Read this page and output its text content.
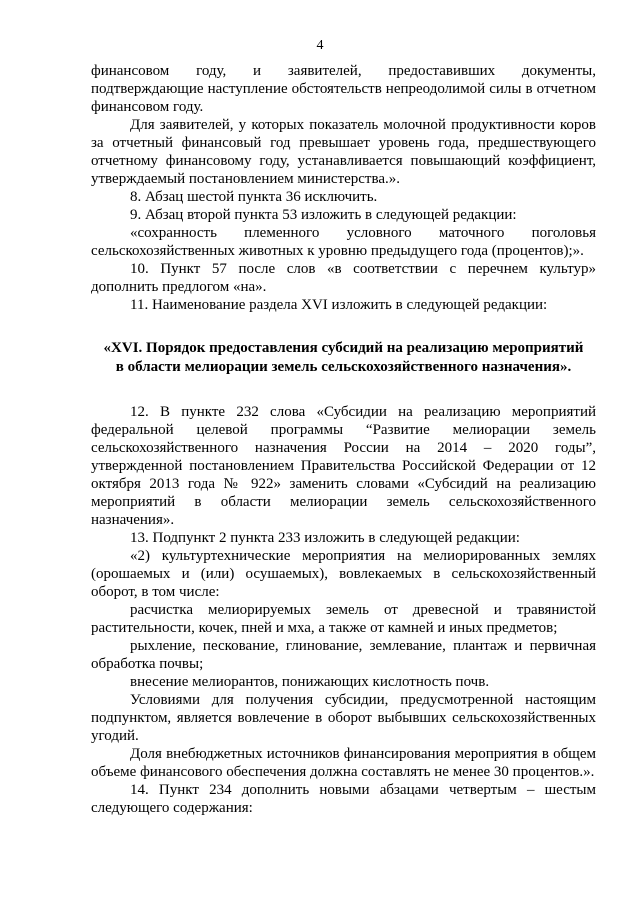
4

финансовом году, и заявителей, предоставивших документы, подтверждающие наступление обстоятельств непреодолимой силы в отчетном финансовом году.

Для заявителей, у которых показатель молочной продуктивности коров за отчетный финансовый год превышает уровень года, предшествующего отчетному финансовому году, устанавливается повышающий коэффициент, утверждаемый постановлением министерства.».

8. Абзац шестой пункта 36 исключить.

9. Абзац второй пункта 53 изложить в следующей редакции:

«сохранность племенного условного маточного поголовья сельскохозяйственных животных к уровню предыдущего года (процентов);».

10. Пункт 57 после слов «в соответствии с перечнем культур» дополнить предлогом «на».

11. Наименование раздела XVI изложить в следующей редакции:

«XVI. Порядок предоставления субсидий на реализацию мероприятий
в области мелиорации земель сельскохозяйственного назначения».

12. В пункте 232 слова «Субсидии на реализацию мероприятий федеральной целевой программы “Развитие мелиорации земель сельскохозяйственного назначения России на 2014 – 2020 годы”, утвержденной постановлением Правительства Российской Федерации от 12 октября 2013 года № 922» заменить словами «Субсидий на реализацию мероприятий в области мелиорации земель сельскохозяйственного назначения».

13. Подпункт 2 пункта 233 изложить в следующей редакции:

«2) культуртехнические мероприятия на мелиорированных землях (орошаемых и (или) осушаемых), вовлекаемых в сельскохозяйственный оборот, в том числе:

расчистка мелиорируемых земель от древесной и травянистой растительности, кочек, пней и мха, а также от камней и иных предметов;

рыхление, пескование, глинование, землевание, плантаж и первичная обработка почвы;

внесение мелиорантов, понижающих кислотность почв.

Условиями для получения субсидии, предусмотренной настоящим подпунктом, является вовлечение в оборот выбывших сельскохозяйственных угодий.

Доля внебюджетных источников финансирования мероприятия в общем объеме финансового обеспечения должна составлять не менее 30 процентов.».

14. Пункт 234 дополнить новыми абзацами четвертым – шестым следующего содержания:
